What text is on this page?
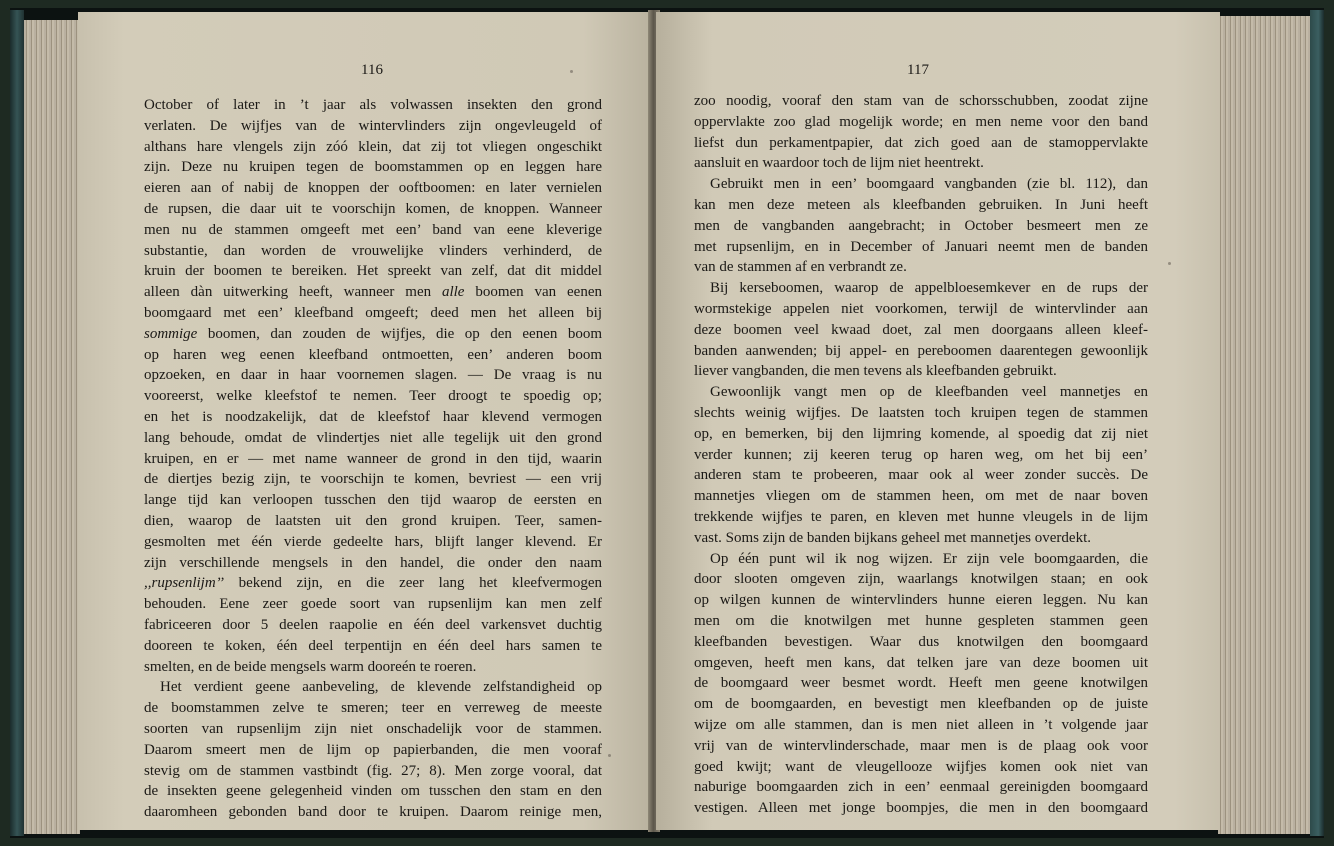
116
October of later in ’t jaar als volwassen insekten den grond
verlaten. De wijfjes van de wintervlinders zijn ongevleugeld of
althans hare vlengels zijn zóó klein, dat zij tot vliegen ongeschikt
zijn. Deze nu kruipen tegen de boomstammen op en leggen hare
eieren aan of nabij de knoppen der ooftboomen: en later vernielen
de rupsen, die daar uit te voorschijn komen, de knoppen. Wanneer
men nu de stammen omgeeft met een’ band van eene kleverige
substantie, dan worden de vrouwelijke vlinders verhinderd, de
kruin der boomen te bereiken. Het spreekt van zelf, dat dit middel
alleen dàn uitwerking heeft, wanneer men alle boomen van eenen
boomgaard met een’ kleefband omgeeft; deed men het alleen bij
sommige boomen, dan zouden de wijfjes, die op den eenen boom
op haren weg eenen kleefband ontmoetten, een’ anderen boom
opzoeken, en daar in haar voornemen slagen. — De vraag is nu
vooreerst, welke kleefstof te nemen. Teer droogt te spoedig op;
en het is noodzakelijk, dat de kleefstof haar klevend vermogen
lang behoude, omdat de vlindertjes niet alle tegelijk uit den grond
kruipen, en er — met name wanneer de grond in den tijd, waarin
de diertjes bezig zijn, te voorschijn te komen, bevriest — een vrij
lange tijd kan verloopen tusschen den tijd waarop de eersten en
dien, waarop de laatsten uit den grond kruipen. Teer, samen-
gesmolten met één vierde gedeelte hars, blijft langer klevend. Er
zijn verschillende mengsels in den handel, die onder den naam
,,rupsenlijm’’ bekend zijn, en die zeer lang het kleefvermogen
behouden. Eene zeer goede soort van rupsenlijm kan men zelf
fabriceeren door 5 deelen raapolie en één deel varkensvet duchtig
dooreen te koken, één deel terpentijn en één deel hars samen te
smelten, en de beide mengsels warm dooreén te roeren.
Het verdient geene aanbeveling, de klevende zelfstandigheid op
de boomstammen zelve te smeren; teer en verreweg de meeste
soorten van rupsenlijm zijn niet onschadelijk voor de stammen.
Daarom smeert men de lijm op papierbanden, die men vooraf
stevig om de stammen vastbindt (fig. 27; 8). Men zorge vooral, dat
de insekten geene gelegenheid vinden om tusschen den stam en den
daaromheen gebonden band door te kruipen. Daarom reinige men,
117
zoo noodig, vooraf den stam van de schorsschubben, zoodat zijne
oppervlakte zoo glad mogelijk worde; en men neme voor den band
liefst dun perkamentpapier, dat zich goed aan de stamoppervlakte
aansluit en waardoor toch de lijm niet heentrekt.
Gebruikt men in een’ boomgaard vangbanden (zie bl. 112), dan
kan men deze meteen als kleefbanden gebruiken. In Juni heeft
men de vangbanden aangebracht; in October besmeert men ze
met rupsenlijm, en in December of Januari neemt men de banden
van de stammen af en verbrandt ze.
Bij kerseboomen, waarop de appelbloesemkever en de rups der
wormstekige appelen niet voorkomen, terwijl de wintervlinder aan
deze boomen veel kwaad doet, zal men doorgaans alleen kleef-
banden aanwenden; bij appel- en pereboomen daarentegen gewoonlijk
liever vangbanden, die men tevens als kleefbanden gebruikt.
Gewoonlijk vangt men op de kleefbanden veel mannetjes en
slechts weinig wijfjes. De laatsten toch kruipen tegen de stammen
op, en bemerken, bij den lijmring komende, al spoedig dat zij niet
verder kunnen; zij keeren terug op haren weg, om het bij een’
anderen stam te probeeren, maar ook al weer zonder succès. De
mannetjes vliegen om de stammen heen, om met de naar boven
trekkende wijfjes te paren, en kleven met hunne vleugels in de lijm
vast. Soms zijn de banden bijkans geheel met mannetjes overdekt.
Op één punt wil ik nog wijzen. Er zijn vele boomgaarden, die
door slooten omgeven zijn, waarlangs knotwilgen staan; en ook
op wilgen kunnen de wintervlinders hunne eieren leggen. Nu kan
men om die knotwilgen met hunne gespleten stammen geen
kleefbanden bevestigen. Waar dus knotwilgen den boomgaard
omgeven, heeft men kans, dat telken jare van deze boomen uit
de boomgaard weer besmet wordt. Heeft men geene knotwilgen
om de boomgaarden, en bevestigt men kleefbanden op de juiste
wijze om alle stammen, dan is men niet alleen in ’t volgende jaar
vrij van de wintervlinderschade, maar men is de plaag ook voor
goed kwijt; want de vleugellooze wijfjes komen ook niet van
naburige boomgaarden zich in een’ eenmaal gereinigden boomgaard
vestigen. Alleen met jonge boompjes, die men in den boomgaard
